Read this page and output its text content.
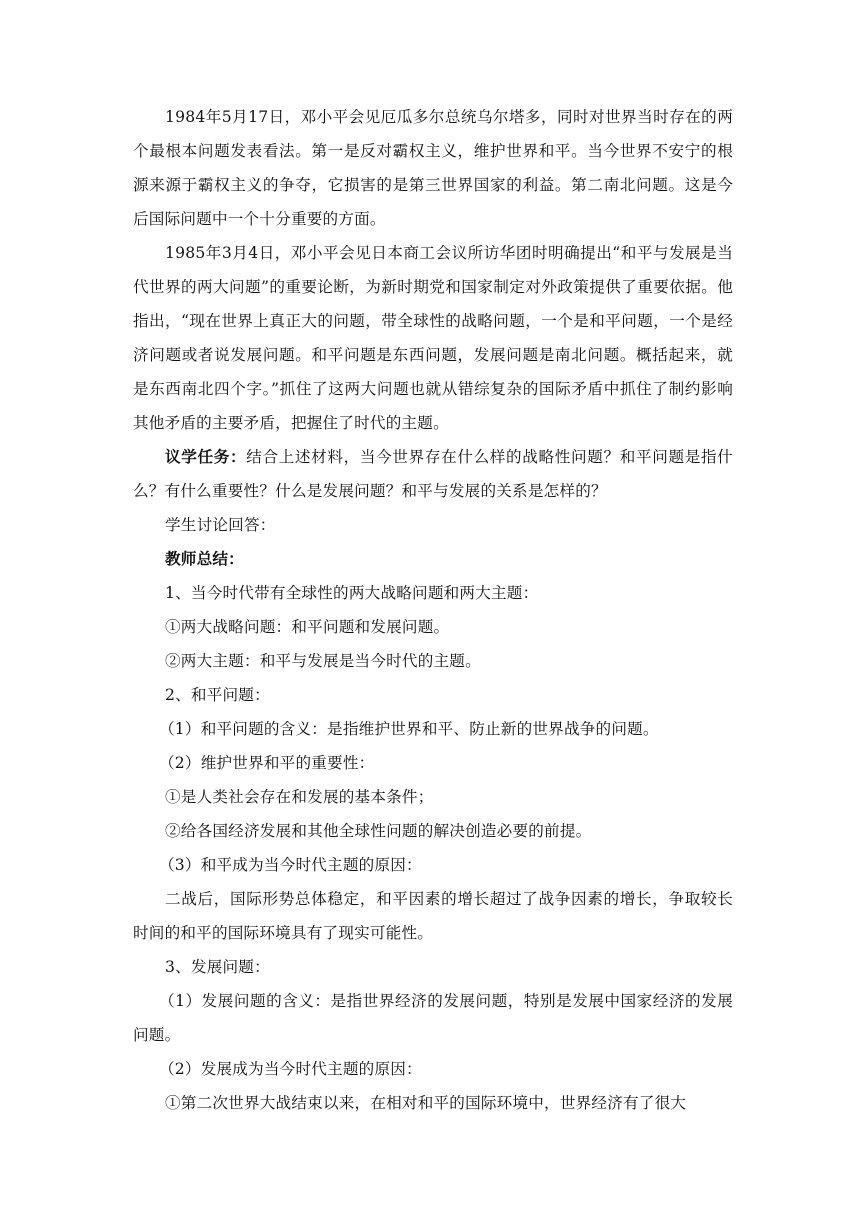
1984年5月17日，邓小平会见厄瓜多尔总统乌尔塔多，同时对世界当时存在的两个最根本问题发表看法。第一是反对霸权主义，维护世界和平。当今世界不安宁的根源来源于霸权主义的争夺，它损害的是第三世界国家的利益。第二南北问题。这是今后国际问题中一个十分重要的方面。

1985年3月4日，邓小平会见日本商工会议所访华团时明确提出“和平与发展是当代世界的两大问题”的重要论断，为新时期党和国家制定对外政策提供了重要依据。他指出，“现在世界上真正大的问题，带全球性的战略问题，一个是和平问题，一个是经济问题或者说发展问题。和平问题是东西问题，发展问题是南北问题。概括起来，就是东西南北四个字。”抓住了这两大问题也就从错综复杂的国际矛盾中抓住了制约影响其他矛盾的主要矛盾，把握住了时代的主题。

议学任务：结合上述材料，当今世界存在什么样的战略性问题？和平问题是指什么？有什么重要性？什么是发展问题？和平与发展的关系是怎样的？

学生讨论回答：

教师总结：

1、当今时代带有全球性的两大战略问题和两大主题：

①两大战略问题：和平问题和发展问题。

②两大主题：和平与发展是当今时代的主题。

2、和平问题：

（1）和平问题的含义：是指维护世界和平、防止新的世界战争的问题。

（2）维护世界和平的重要性：

①是人类社会存在和发展的基本条件；

②给各国经济发展和其他全球性问题的解决创造必要的前提。

（3）和平成为当今时代主题的原因：

二战后，国际形势总体稳定，和平因素的增长超过了战争因素的增长，争取较长时间的和平的国际环境具有了现实可能性。

3、发展问题：

（1）发展问题的含义：是指世界经济的发展问题，特别是发展中国家经济的发展问题。

（2）发展成为当今时代主题的原因：

①第二次世界大战结束以来，在相对和平的国际环境中，世界经济有了很大
